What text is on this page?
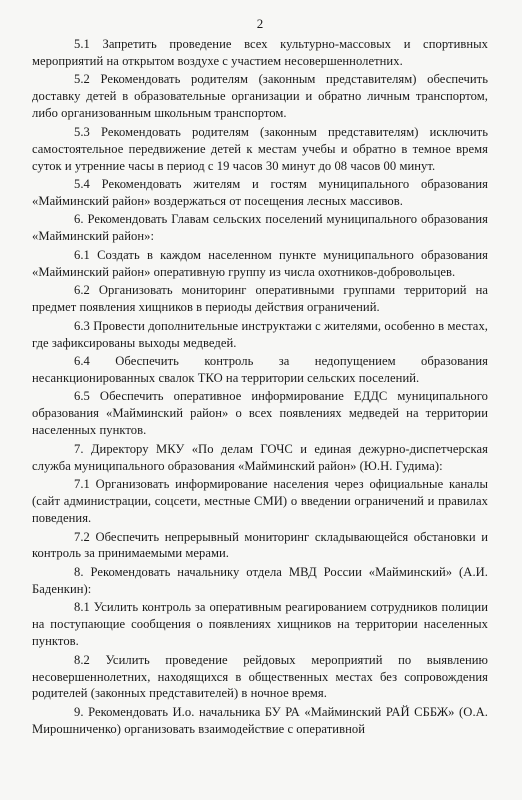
2

5.1 Запретить проведение всех культурно-массовых и спортивных мероприятий на открытом воздухе с участием несовершеннолетних.

5.2 Рекомендовать родителям (законным представителям) обеспечить доставку детей в образовательные организации и обратно личным транспортом, либо организованным школьным транспортом.

5.3 Рекомендовать родителям (законным представителям) исключить самостоятельное передвижение детей к местам учебы и обратно в темное время суток и утренние часы в период с 19 часов 30 минут до 08 часов 00 минут.

5.4 Рекомендовать жителям и гостям муниципального образования «Майминский район» воздержаться от посещения лесных массивов.

6. Рекомендовать Главам сельских поселений муниципального образования «Майминский район»:

6.1 Создать в каждом населенном пункте муниципального образования «Майминский район» оперативную группу из числа охотников-добровольцев.

6.2 Организовать мониторинг оперативными группами территорий на предмет появления хищников в периоды действия ограничений.

6.3 Провести дополнительные инструктажи с жителями, особенно в местах, где зафиксированы выходы медведей.

6.4 Обеспечить контроль за недопущением образования несанкционированных свалок ТКО на территории сельских поселений.

6.5 Обеспечить оперативное информирование ЕДДС муниципального образования «Майминский район» о всех появлениях медведей на территории населенных пунктов.

7. Директору МКУ «По делам ГОЧС и единая дежурно-диспетчерская служба муниципального образования «Майминский район» (Ю.Н. Гудима):

7.1 Организовать информирование населения через официальные каналы (сайт администрации, соцсети, местные СМИ) о введении ограничений и правилах поведения.

7.2 Обеспечить непрерывный мониторинг складывающейся обстановки и контроль за принимаемыми мерами.

8. Рекомендовать начальнику отдела МВД России «Майминский» (А.И. Баденкин):

8.1 Усилить контроль за оперативным реагированием сотрудников полиции на поступающие сообщения о появлениях хищников на территории населенных пунктов.

8.2 Усилить проведение рейдовых мероприятий по выявлению несовершеннолетних, находящихся в общественных местах без сопровождения родителей (законных представителей) в ночное время.

9. Рекомендовать И.о. начальника БУ РА «Майминский РАЙ СББЖ» (О.А. Мирошниченко) организовать взаимодействие с оперативной
